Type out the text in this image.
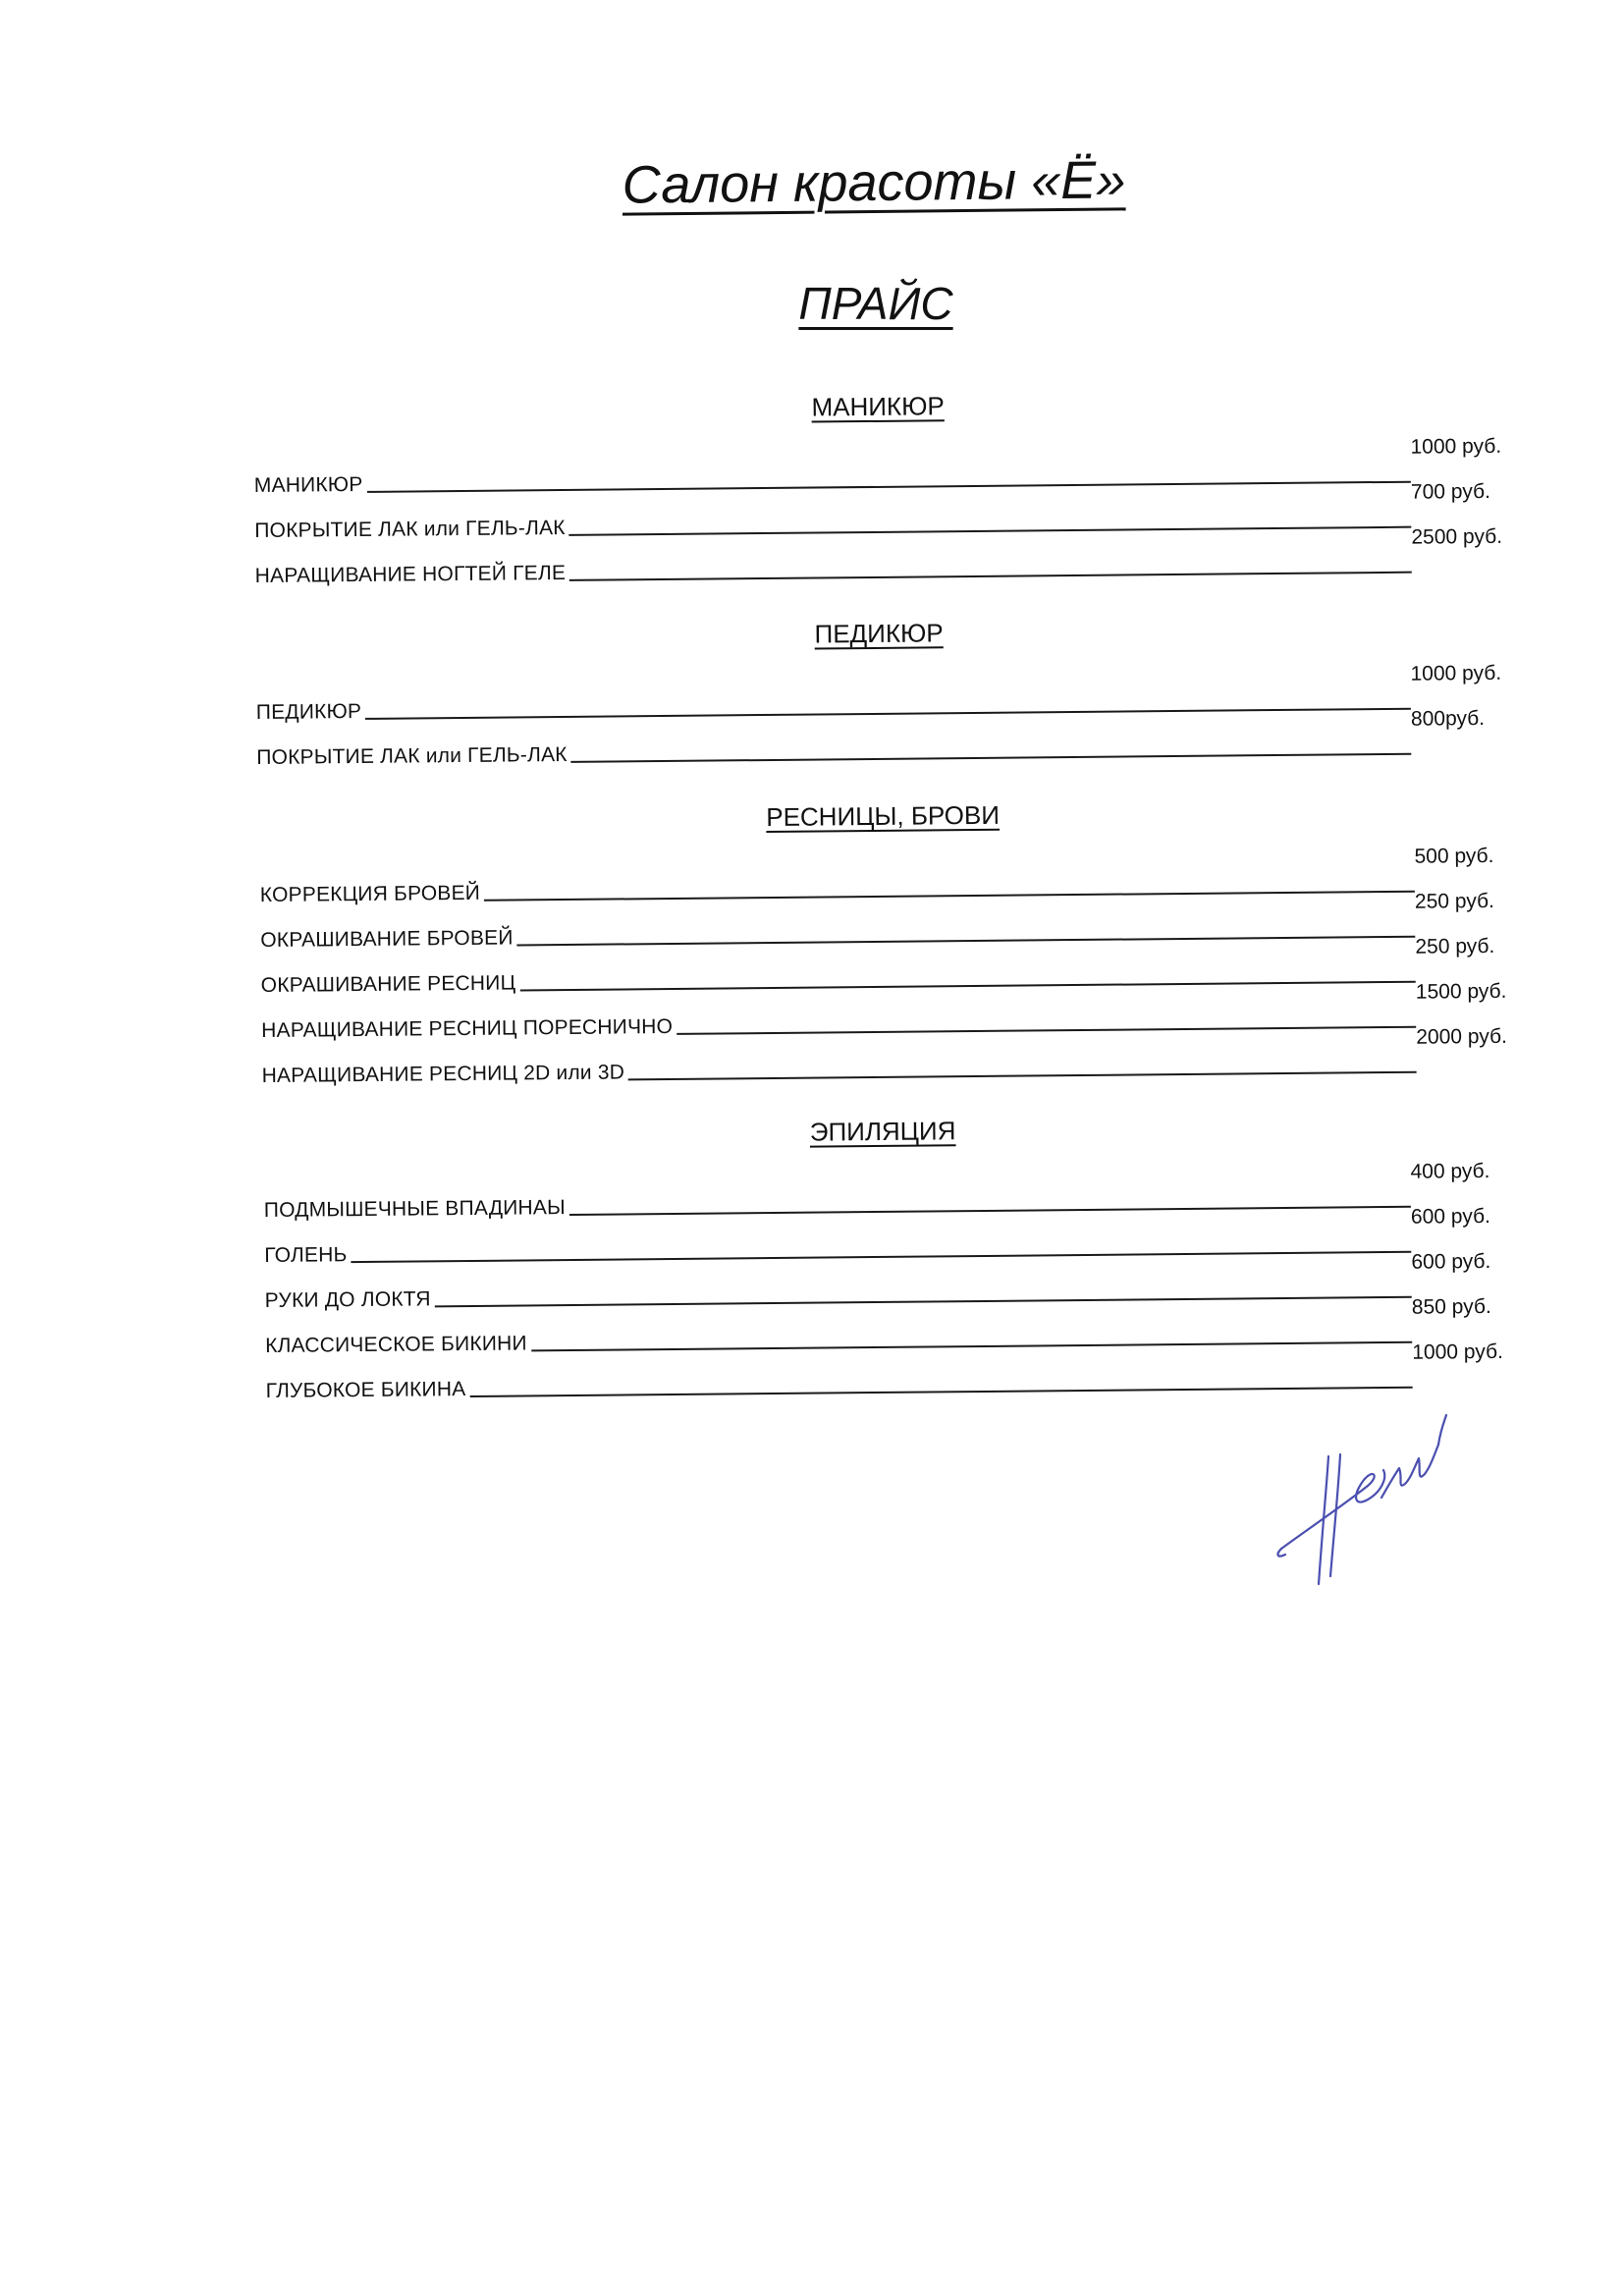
Салон красоты «Ё»
ПРАЙС
МАНИКЮР
МАНИКЮР
1000 руб.
ПОКРЫТИЕ ЛАК или ГЕЛЬ-ЛАК
700 руб.
НАРАЩИВАНИЕ НОГТЕЙ ГЕЛЕ
2500 руб.
ПЕДИКЮР
ПЕДИКЮР
1000 руб.
ПОКРЫТИЕ ЛАК или ГЕЛЬ-ЛАК
800руб.
РЕСНИЦЫ, БРОВИ
КОРРЕКЦИЯ БРОВЕЙ
500 руб.
ОКРАШИВАНИЕ БРОВЕЙ
250 руб.
ОКРАШИВАНИЕ РЕСНИЦ
250 руб.
НАРАЩИВАНИЕ РЕСНИЦ ПОРЕСНИЧНО
1500 руб.
НАРАЩИВАНИЕ РЕСНИЦ 2D или 3D
2000 руб.
ЭПИЛЯЦИЯ
ПОДМЫШЕЧНЫЕ ВПАДИНАЫ
400 руб.
ГОЛЕНЬ
600 руб.
РУКИ ДО ЛОКТЯ
600 руб.
КЛАССИЧЕСКОЕ БИКИНИ
850 руб.
ГЛУБОКОЕ БИКИНА
1000 руб.
